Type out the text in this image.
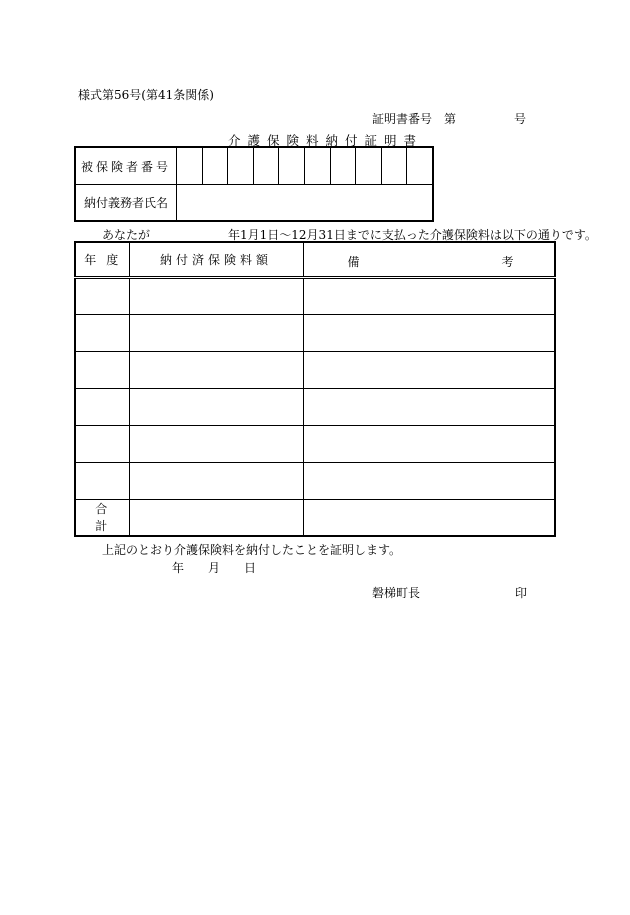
様式第56号(第41条関係)
証明書番号 第	号
介護保険料納付証明書
被保険者番号
納付義務者氏名
あなたが	年1月1日～12月31日までに支払った介護保険料は以下の通りです。
年度	納付済保険料額	備 考

合計		
上記のとおり介護保険料を納付したことを証明します。
年 月 日
磐梯町長	印
